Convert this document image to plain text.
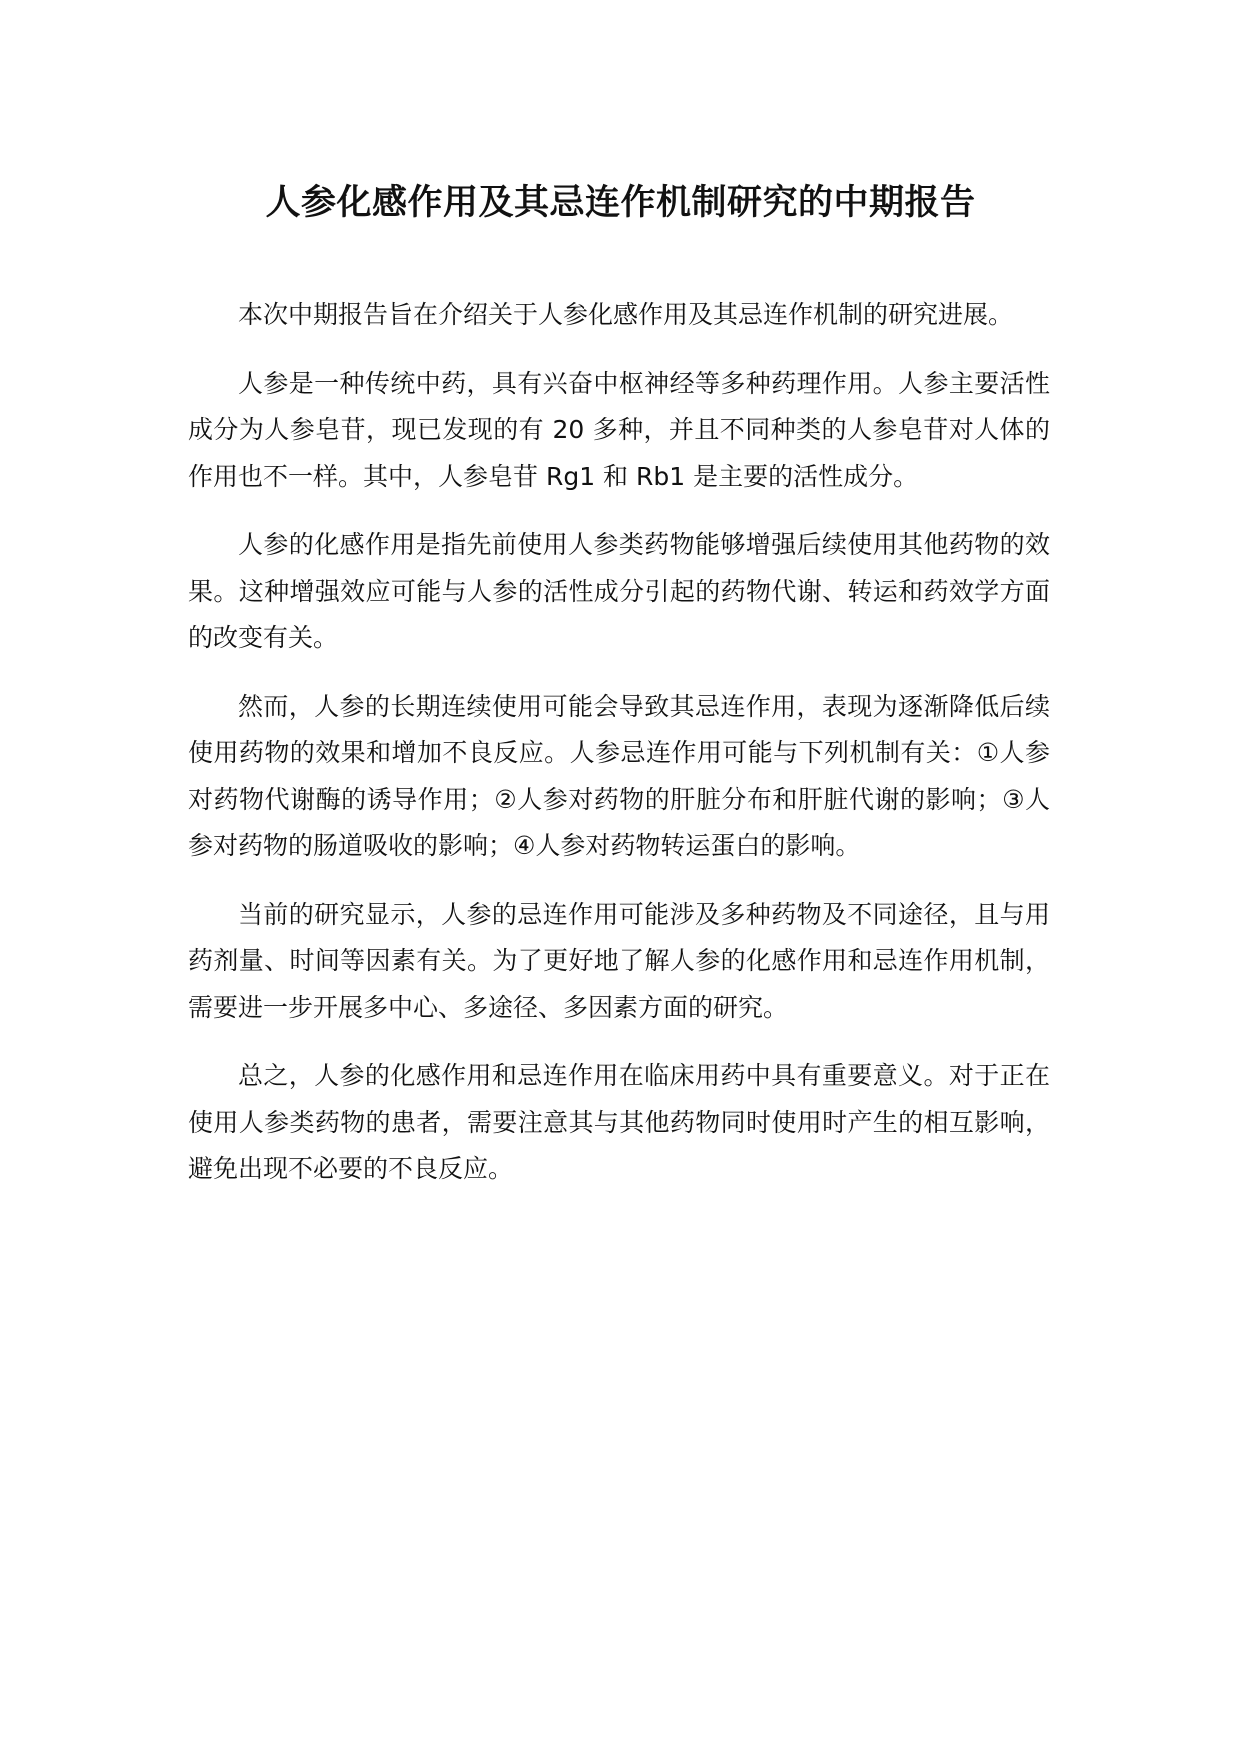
人参化感作用及其忌连作机制研究的中期报告

本次中期报告旨在介绍关于人参化感作用及其忌连作机制的研究进展。

人参是一种传统中药，具有兴奋中枢神经等多种药理作用。人参主要活性成分为人参皂苷，现已发现的有 20 多种，并且不同种类的人参皂苷对人体的作用也不一样。其中，人参皂苷 Rg1 和 Rb1 是主要的活性成分。

人参的化感作用是指先前使用人参类药物能够增强后续使用其他药物的效果。这种增强效应可能与人参的活性成分引起的药物代谢、转运和药效学方面的改变有关。

然而，人参的长期连续使用可能会导致其忌连作用，表现为逐渐降低后续使用药物的效果和增加不良反应。人参忌连作用可能与下列机制有关：①人参对药物代谢酶的诱导作用；②人参对药物的肝脏分布和肝脏代谢的影响；③人参对药物的肠道吸收的影响；④人参对药物转运蛋白的影响。

当前的研究显示，人参的忌连作用可能涉及多种药物及不同途径，且与用药剂量、时间等因素有关。为了更好地了解人参的化感作用和忌连作用机制，需要进一步开展多中心、多途径、多因素方面的研究。

总之，人参的化感作用和忌连作用在临床用药中具有重要意义。对于正在使用人参类药物的患者，需要注意其与其他药物同时使用时产生的相互影响，避免出现不必要的不良反应。
